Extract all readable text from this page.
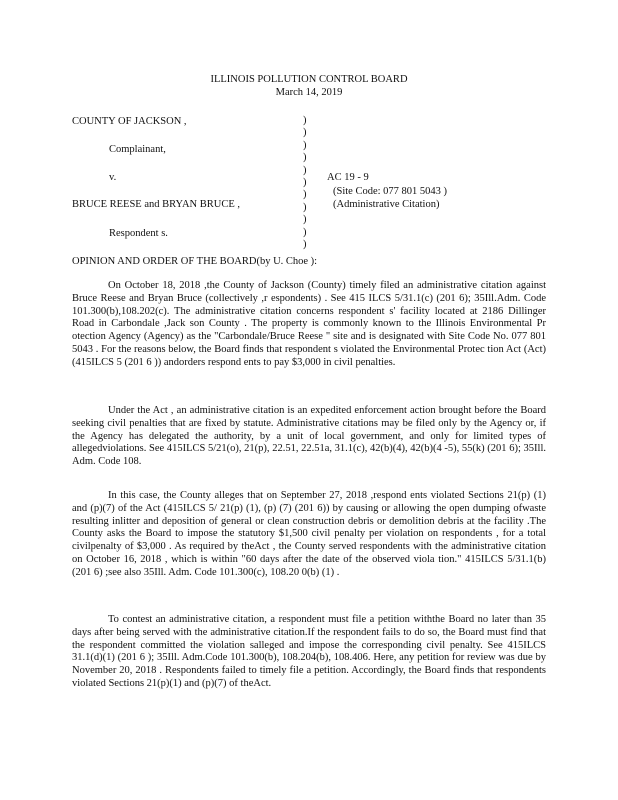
ILLINOIS POLLUTION CONTROL BOARD
March 14, 2019
COUNTY OF JACKSON ,
Complainant,
v.
BRUCE REESE and BRYAN BRUCE ,
Respondent s.
)
)
)
)
)
)
)
)
)
)
)
AC 19 - 9
(Site Code: 077 801 5043 )
(Administrative Citation)
OPINION AND ORDER OF THE BOARD(by U. Choe ):

On October 18, 2018 ,the County of Jackson (County) timely filed an administrative citation against Bruce Reese and Bryan Bruce (collectively ,r espondents) . See 415 ILCS 5/31.1(c) (201 6); 35Ill.Adm. Code 101.300(b),108.202(c). The administrative citation concerns respondent s' facility located at 2186 Dillinger Road in Carbondale ,Jack son County . The property is commonly known to the Illinois Environmental Pr otection Agency (Agency) as the "Carbondale/Bruce Reese " site and is designated with Site Code No. 077 801 5043 . For the reasons below, the Board finds that respondent s violated the Environmental Protec tion Act (Act) (415ILCS 5 (201 6 )) andorders respond ents to pay $3,000 in civil penalties.

Under the Act , an administrative citation is an expedited enforcement action brought before the Board seeking civil penalties that are fixed by statute. Administrative citations may be filed only by the Agency or, if the Agency has delegated the authority, by a unit of local government, and only for limited types of allegedviolations. See 415ILCS 5/21(o), 21(p), 22.51, 22.51a, 31.1(c), 42(b)(4), 42(b)(4 -5), 55(k) (201 6); 35Ill. Adm. Code 108.

In this case, the County alleges that on September 27, 2018 ,respond ents violated Sections 21(p) (1) and (p)(7) of the Act (415ILCS 5/ 21(p) (1), (p) (7) (201 6)) by causing or allowing the open dumping ofwaste resulting inlitter and deposition of general or clean construction debris or demolition debris at the facility .The County asks the Board to impose the statutory $1,500 civil penalty per violation on respondents , for a total civilpenalty of $3,000 . As required by theAct , the County served respondents with the administrative citation on October 16, 2018 , which is within "60 days after the date of the observed viola tion." 415ILCS 5/31.1(b) (201 6) ;see also 35Ill. Adm. Code 101.300(c), 108.20 0(b) (1) .

To contest an administrative citation, a respondent must file a petition withthe Board no later than 35 days after being served with the administrative citation.If the respondent fails to do so, the Board must find that the respondent committed the violation salleged and impose the corresponding civil penalty. See 415ILCS 31.1(d)(1) (201 6 ); 35Ill. Adm.Code 101.300(b), 108.204(b), 108.406. Here, any petition for review was due by November 20, 2018 . Respondents failed to timely file a petition. Accordingly, the Board finds that respondents violated Sections 21(p)(1) and (p)(7) of theAct.
